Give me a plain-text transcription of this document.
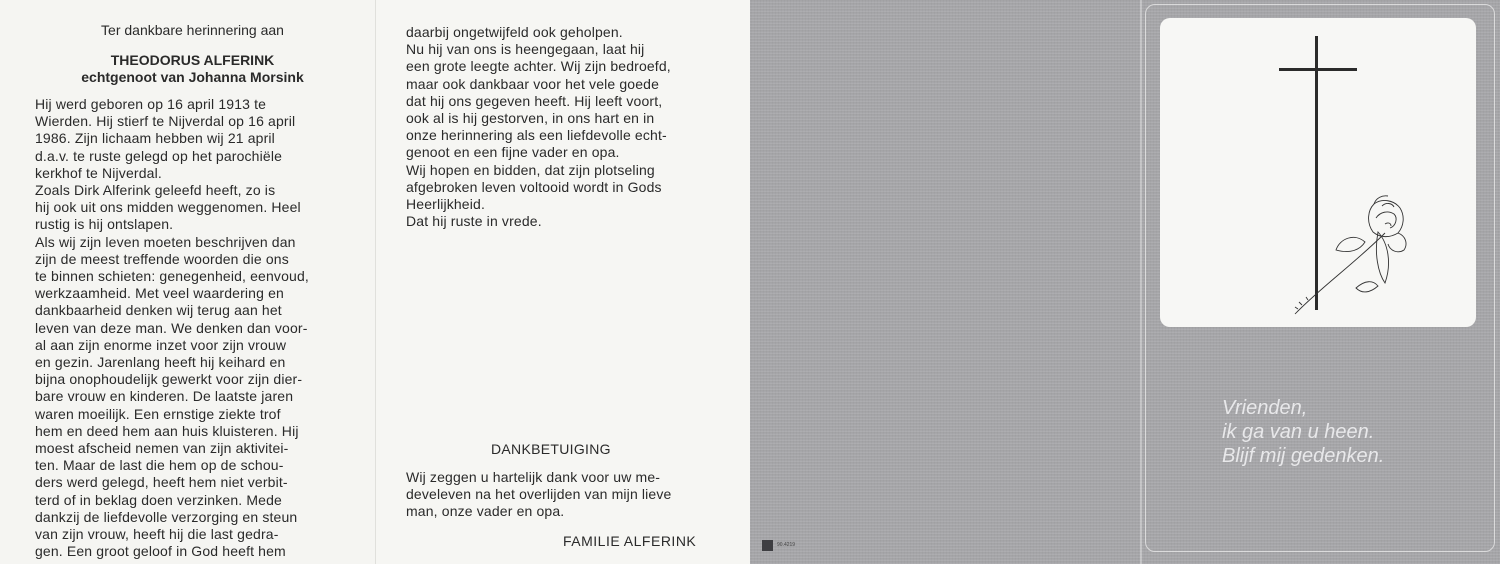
Ter dankbare herinnering aan
THEODORUS ALFERINK
echtgenoot van Johanna Morsink

Hij werd geboren op 16 april 1913 te

Wierden. Hij stierf te Nijverdal op 16 april

1986. Zijn lichaam hebben wij 21 april

d.a.v. te ruste gelegd op het parochiële

kerkhof te Nijverdal.

Zoals Dirk Alferink geleefd heeft, zo is

hij ook uit ons midden weggenomen. Heel

rustig is hij ontslapen.

Als wij zijn leven moeten beschrijven dan

zijn de meest treffende woorden die ons

te binnen schieten: genegenheid, eenvoud,

werkzaamheid. Met veel waardering en

dankbaarheid denken wij terug aan het

leven van deze man. We denken dan voor-

al aan zijn enorme inzet voor zijn vrouw

en gezin. Jarenlang heeft hij keihard en

bijna onophoudelijk gewerkt voor zijn dier-

bare vrouw en kinderen. De laatste jaren

waren moeilijk. Een ernstige ziekte trof

hem en deed hem aan huis kluisteren. Hij

moest afscheid nemen van zijn aktivitei-

ten. Maar de last die hem op de schou-

ders werd gelegd, heeft hem niet verbit-

terd of in beklag doen verzinken. Mede

dankzij de liefdevolle verzorging en steun

van zijn vrouw, heeft hij die last gedra-

gen. Een groot geloof in God heeft hem

daarbij ongetwijfeld ook geholpen.

Nu hij van ons is heengegaan, laat hij

een grote leegte achter. Wij zijn bedroefd,

maar ook dankbaar voor het vele goede

dat hij ons gegeven heeft. Hij leeft voort,

ook al is hij gestorven, in ons hart en in

onze herinnering als een liefdevolle echt-

genoot en een fijne vader en opa.

Wij hopen en bidden, dat zijn plotseling

afgebroken leven voltooid wordt in Gods

Heerlijkheid.

Dat hij ruste in vrede.

DANKBETUIGING

Wij zeggen u hartelijk dank voor uw me-

develeven na het overlijden van mijn lieve

man, onze vader en opa.

FAMILIE ALFERINK
Vrienden,
ik ga van u heen.
Blijf mij gedenken.
90.4219
